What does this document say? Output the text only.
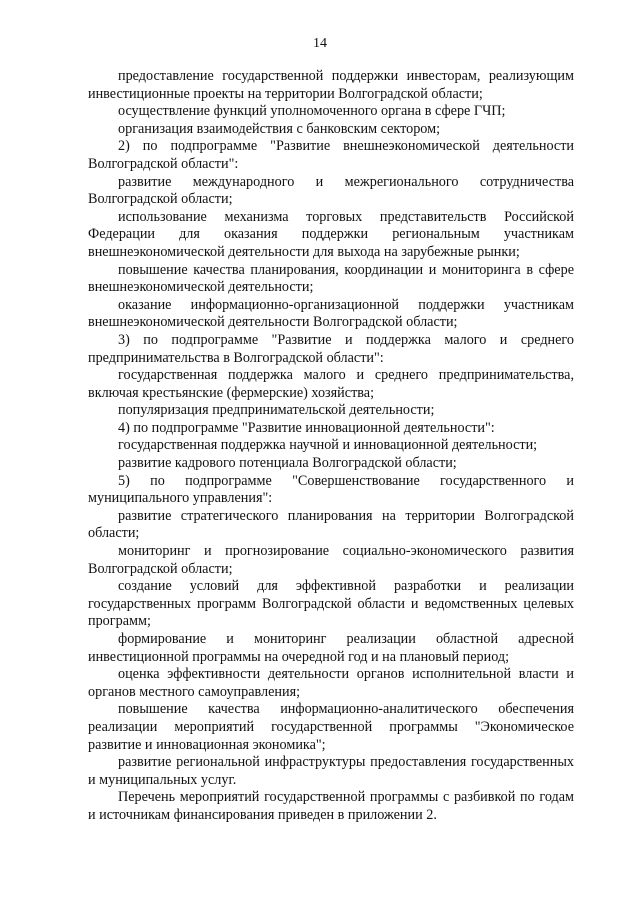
14

предоставление государственной поддержки инвесторам, реализующим инвестиционные проекты на территории Волгоградской области;

осуществление функций уполномоченного органа в сфере ГЧП;

организация взаимодействия с банковским сектором;

2) по подпрограмме "Развитие внешнеэкономической деятельности Волгоградской области":

развитие международного и межрегионального сотрудничества Волгоградской области;

использование механизма торговых представительств Российской Федерации для оказания поддержки региональным участникам внешнеэкономической деятельности для выхода на зарубежные рынки;

повышение качества планирования, координации и мониторинга в сфере внешнеэкономической деятельности;

оказание информационно-организационной поддержки участникам внешнеэкономической деятельности Волгоградской области;

3) по подпрограмме "Развитие и поддержка малого и среднего предпринимательства в Волгоградской области":

государственная поддержка малого и среднего предпринимательства, включая крестьянские (фермерские) хозяйства;

популяризация предпринимательской деятельности;

4) по подпрограмме "Развитие инновационной деятельности":

государственная поддержка научной и инновационной деятельности;

развитие кадрового потенциала Волгоградской области;

5) по подпрограмме "Совершенствование государственного и муниципального управления":

развитие стратегического планирования на территории Волгоградской области;

мониторинг и прогнозирование социально-экономического развития Волгоградской области;

создание условий для эффективной разработки и реализации государственных программ Волгоградской области и ведомственных целевых программ;

формирование и мониторинг реализации областной адресной инвестиционной программы на очередной год и на плановый период;

оценка эффективности деятельности органов исполнительной власти и органов местного самоуправления;

повышение качества информационно-аналитического обеспечения реализации мероприятий государственной программы "Экономическое развитие и инновационная экономика";

развитие региональной инфраструктуры предоставления государственных и муниципальных услуг.

Перечень мероприятий государственной программы с разбивкой по годам и источникам финансирования приведен в приложении 2.
